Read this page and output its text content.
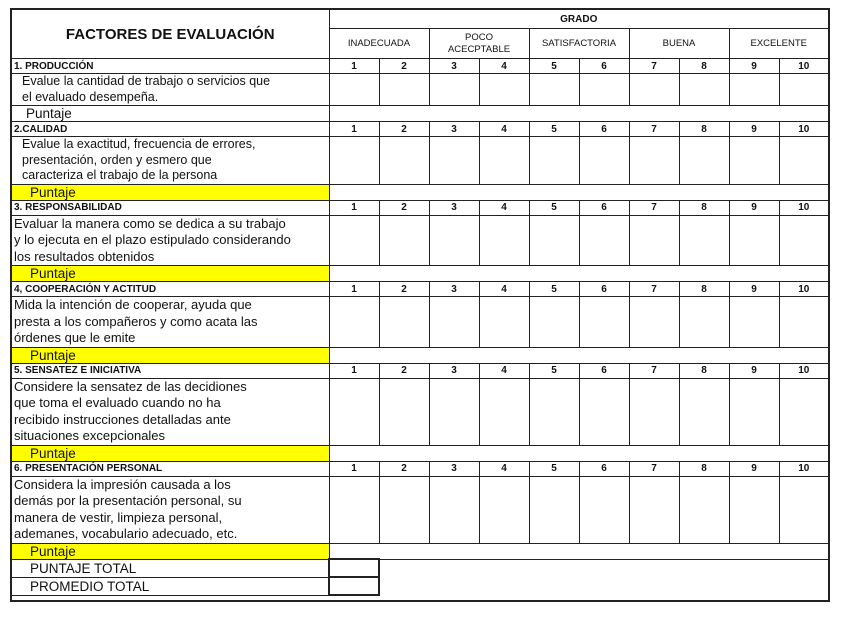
FACTORES DE EVALUACIÓN	GRADO									
	INADECUADA		POCO ACECPTABLE		SATISFACTORIA		BUENA		EXCELENTE	
1. PRODUCCIÓN	1	2	3	4	5	6	7	8	9	10

Evalue la cantidad de trabajo o servicios que
el evaluado desempeña.										

Puntaje										
2.CALIDAD	1	2	3	4	5	6	7	8	9	10

Evalue la exactitud, frecuencia de errores,
presentación, orden y esmero que
caracteriza el trabajo de la persona										

Puntaje										
3. RESPONSABILIDAD	1	2	3	4	5	6	7	8	9	10

Evaluar la manera como se dedica a su trabajo
y lo ejecuta en el plazo estipulado considerando
los resultados obtenidos										

Puntaje										
4, COOPERACIÓN Y ACTITUD	1	2	3	4	5	6	7	8	9	10

Mida la intención de cooperar, ayuda que
presta a los compañeros y como acata las
órdenes que le emite										

Puntaje										
5. SENSATEZ E INICIATIVA	1	2	3	4	5	6	7	8	9	10

Considere la sensatez de las decidiones
que toma el evaluado cuando no ha
recibido instrucciones detalladas ante
situaciones excepcionales										

Puntaje										
6. PRESENTACIÓN PERSONAL	1	2	3	4	5	6	7	8	9	10

Considera la impresión causada a los
demás por la presentación personal, su
manera de vestir, limpieza personal,
ademanes, vocabulario adecuado, etc.										

Puntaje										
PUNTAJE TOTAL										
PROMEDIO TOTAL										
